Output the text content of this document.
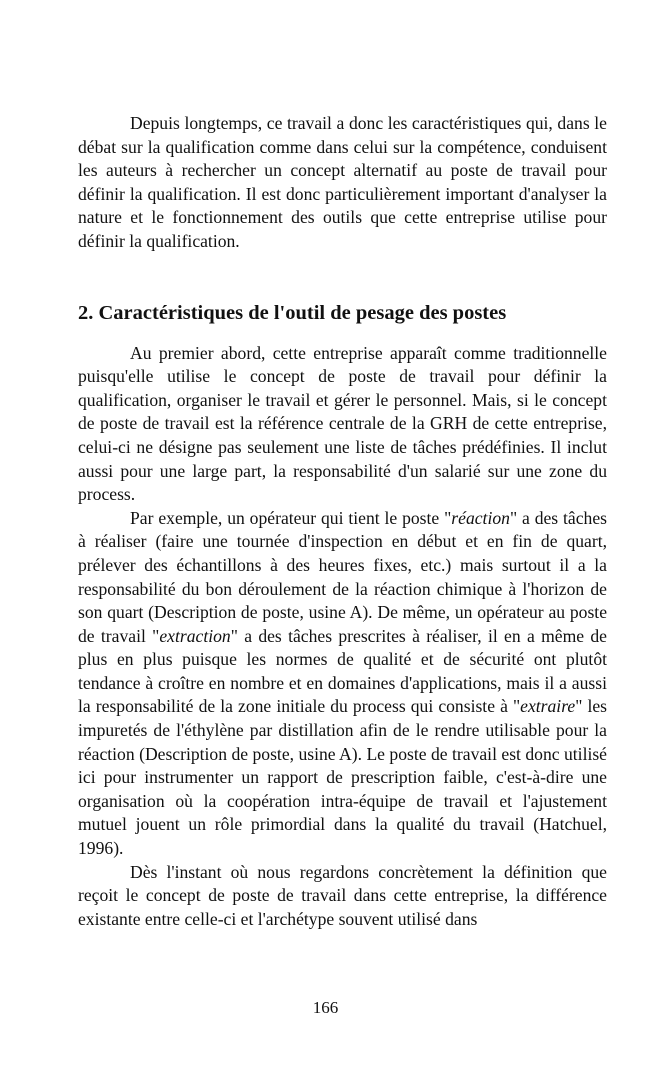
Depuis longtemps, ce travail a donc les caractéristiques qui, dans le débat sur la qualification comme dans celui sur la compétence, conduisent les auteurs à rechercher un concept alternatif au poste de travail pour définir la qualification. Il est donc particulièrement important d'analyser la nature et le fonctionnement des outils que cette entreprise utilise pour définir la qualification.

2. Caractéristiques de l'outil de pesage des postes

Au premier abord, cette entreprise apparaît comme traditionnelle puisqu'elle utilise le concept de poste de travail pour définir la qualification, organiser le travail et gérer le personnel. Mais, si le concept de poste de travail est la référence centrale de la GRH de cette entreprise, celui-ci ne désigne pas seulement une liste de tâches prédéfinies. Il inclut aussi pour une large part, la responsabilité d'un salarié sur une zone du process.

Par exemple, un opérateur qui tient le poste "réaction" a des tâches à réaliser (faire une tournée d'inspection en début et en fin de quart, prélever des échantillons à des heures fixes, etc.) mais surtout il a la responsabilité du bon déroulement de la réaction chimique à l'horizon de son quart (Description de poste, usine A). De même, un opérateur au poste de travail "extraction" a des tâches prescrites à réaliser, il en a même de plus en plus puisque les normes de qualité et de sécurité ont plutôt tendance à croître en nombre et en domaines d'applications, mais il a aussi la responsabilité de la zone initiale du process qui consiste à "extraire" les impuretés de l'éthylène par distillation afin de le rendre utilisable pour la réaction (Description de poste, usine A). Le poste de travail est donc utilisé ici pour instrumenter un rapport de prescription faible, c'est-à-dire une organisation où la coopération intra-équipe de travail et l'ajustement mutuel jouent un rôle primordial dans la qualité du travail (Hatchuel, 1996).

Dès l'instant où nous regardons concrètement la définition que reçoit le concept de poste de travail dans cette entreprise, la différence existante entre celle-ci et l'archétype souvent utilisé dans

166
